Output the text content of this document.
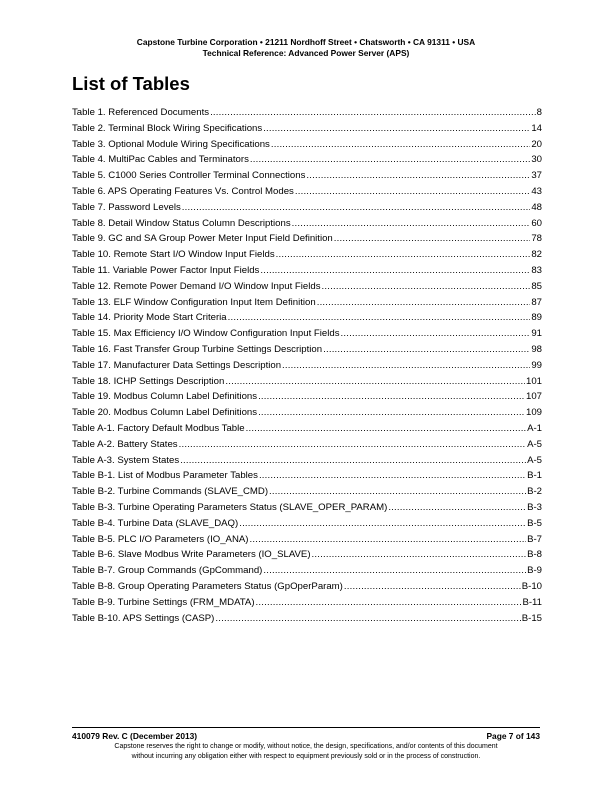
Capstone Turbine Corporation • 21211 Nordhoff Street • Chatsworth • CA 91311 • USA
Technical Reference: Advanced Power Server (APS)
List of Tables
Table 1. Referenced Documents .....	8
Table 2. Terminal Block Wiring Specifications .....	14
Table 3. Optional Module Wiring Specifications .....	20
Table 4. MultiPac Cables and Terminators .....	30
Table 5. C1000 Series Controller Terminal Connections .....	37
Table 6. APS Operating Features Vs. Control Modes .....	43
Table 7. Password Levels .....	48
Table 8. Detail Window Status Column Descriptions .....	60
Table 9. GC and SA Group Power Meter Input Field Definition .....	78
Table 10. Remote Start I/O Window Input Fields .....	82
Table 11. Variable Power Factor Input Fields .....	83
Table 12. Remote Power Demand I/O Window Input Fields .....	85
Table 13. ELF Window Configuration Input Item Definition .....	87
Table 14. Priority Mode Start Criteria .....	89
Table 15. Max Efficiency I/O Window Configuration Input Fields .....	91
Table 16. Fast Transfer Group Turbine Settings Description .....	98
Table 17. Manufacturer Data Settings Description .....	99
Table 18. ICHP Settings Description .....	101
Table 19. Modbus Column Label Definitions .....	107
Table 20. Modbus Column Label Definitions .....	109
Table A-1. Factory Default Modbus Table .....	A-1
Table A-2. Battery States .....	A-5
Table A-3. System States .....	A-5
Table B-1. List of Modbus Parameter Tables .....	B-1
Table B-2. Turbine Commands (SLAVE_CMD) .....	B-2
Table B-3. Turbine Operating Parameters Status (SLAVE_OPER_PARAM) .....	B-3
Table B-4. Turbine Data (SLAVE_DAQ) .....	B-5
Table B-5. PLC I/O Parameters (IO_ANA) .....	B-7
Table B-6. Slave Modbus Write Parameters (IO_SLAVE) .....	B-8
Table B-7. Group Commands (GpCommand) .....	B-9
Table B-8. Group Operating Parameters Status (GpOperParam) .....	B-10
Table B-9. Turbine Settings (FRM_MDATA) .....	B-11
Table B-10. APS Settings (CASP) .....	B-15
410079 Rev. C (December 2013)	Page 7 of 143
Capstone reserves the right to change or modify, without notice, the design, specifications, and/or contents of this document
without incurring any obligation either with respect to equipment previously sold or in the process of construction.
